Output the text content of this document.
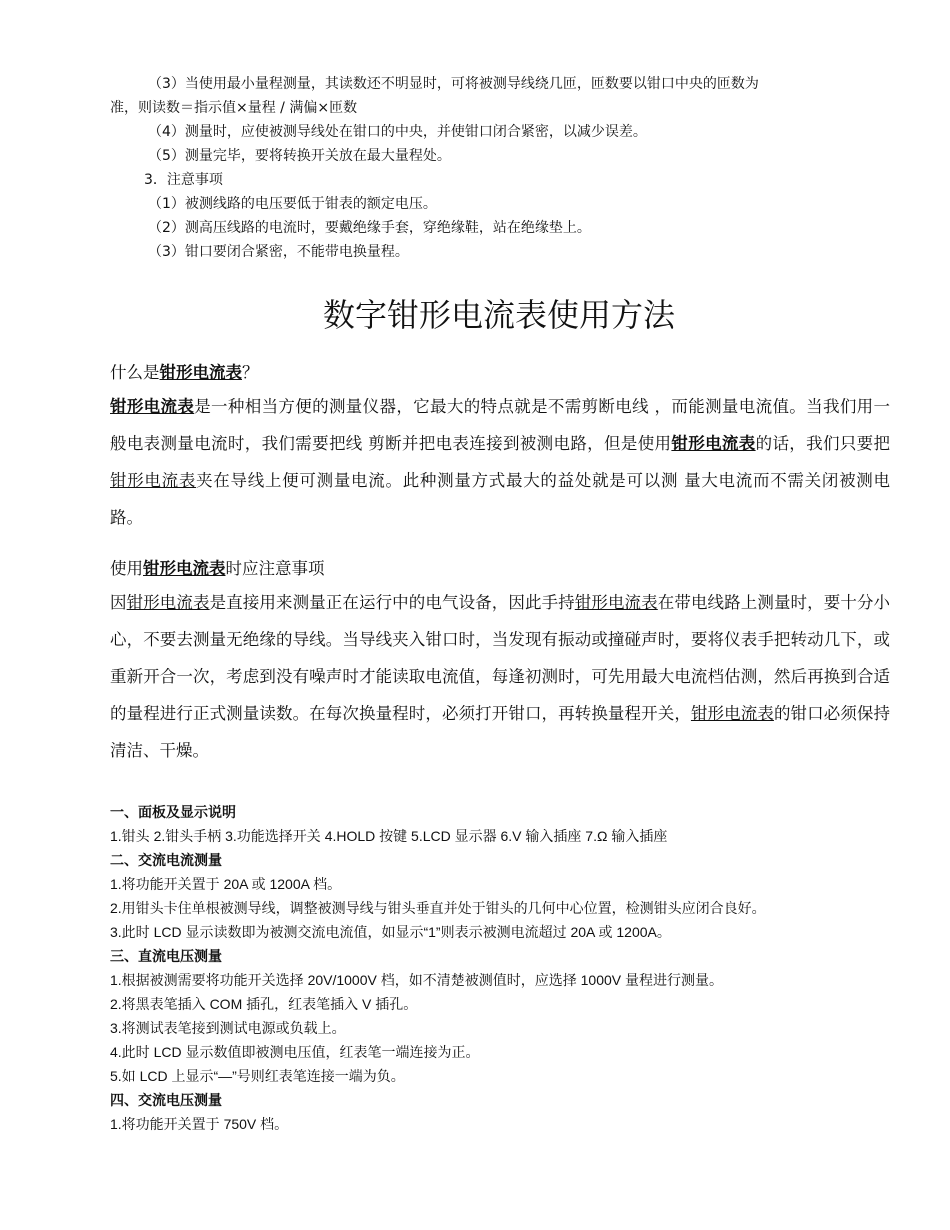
（3）当使用最小量程测量，其读数还不明显时，可将被测导线绕几匝，匝数要以钳口中央的匝数为

准，则读数＝指示值×量程 / 满偏×匝数

（4）测量时，应使被测导线处在钳口的中央，并使钳口闭合紧密，以减少误差。

（5）测量完毕，要将转换开关放在最大量程处。

3．注意事项

（1）被测线路的电压要低于钳表的额定电压。

（2）测高压线路的电流时，要戴绝缘手套，穿绝缘鞋，站在绝缘垫上。

（3）钳口要闭合紧密，不能带电换量程。

数字钳形电流表使用方法

什么是钳形电流表？

钳形电流表是一种相当方便的测量仪器，它最大的特点就是不需剪断电线 ，而能测量电流值。当我们用一般电表测量电流时，我们需要把线 剪断并把电表连接到被测电路，但是使用钳形电流表的话，我们只要把钳形电流表夹在导线上便可测量电流。此种测量方式最大的益处就是可以测 量大电流而不需关闭被测电路。

使用钳形电流表时应注意事项

因钳形电流表是直接用来测量正在运行中的电气设备，因此手持钳形电流表在带电线路上测量时，要十分小心，不要去测量无绝缘的导线。当导线夹入钳口时，当发现有振动或撞碰声时，要将仪表手把转动几下，或重新开合一次，考虑到没有噪声时才能读取电流值，每逢初测时，可先用最大电流档估测，然后再换到合适的量程进行正式测量读数。在每次换量程时，必须打开钳口，再转换量程开关，钳形电流表的钳口必须保持清洁、干燥。

一、面板及显示说明

1.钳头 2.钳头手柄 3.功能选择开关 4.HOLD 按键 5.LCD 显示器 6.V 输入插座 7.Ω 输入插座

二、交流电流测量

1.将功能开关置于 20A 或 1200A 档。

2.用钳头卡住单根被测导线，调整被测导线与钳头垂直并处于钳头的几何中心位置，检测钳头应闭合良好。

3.此时 LCD 显示读数即为被测交流电流值，如显示“1”则表示被测电流超过 20A 或 1200A。

三、直流电压测量

1.根据被测需要将功能开关选择 20V/1000V 档，如不清楚被测值时，应选择 1000V 量程进行测量。

2.将黑表笔插入 COM 插孔，红表笔插入 V 插孔。

3.将测试表笔接到测试电源或负载上。

4.此时 LCD 显示数值即被测电压值，红表笔一端连接为正。

5.如 LCD 上显示“—”号则红表笔连接一端为负。

四、交流电压测量

1.将功能开关置于 750V 档。
